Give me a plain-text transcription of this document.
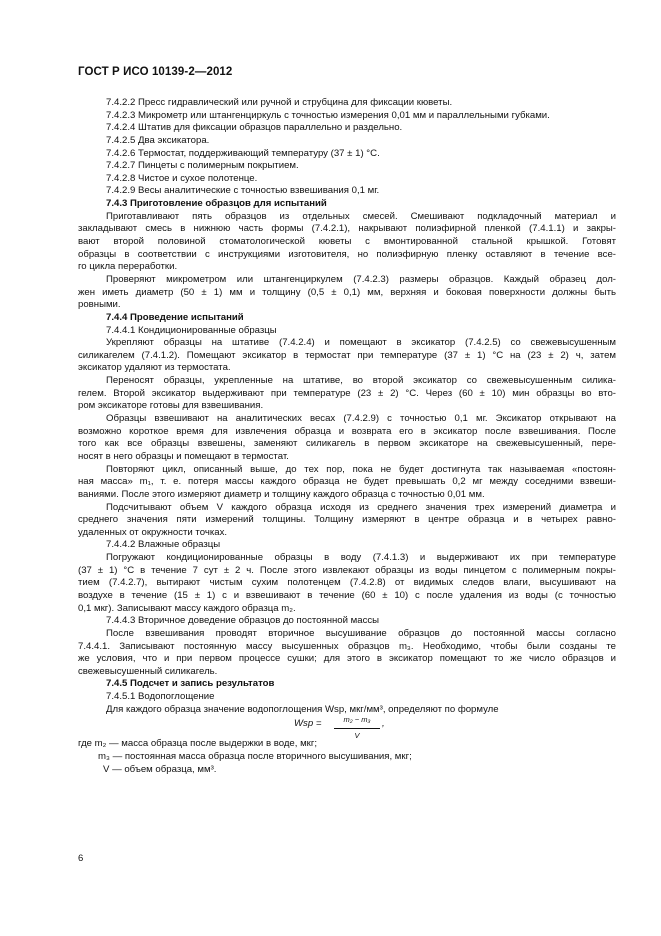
ГОСТ Р ИСО 10139-2—2012
7.4.2.2 Пресс гидравлический или ручной и струбцина для фиксации кюветы.
7.4.2.3 Микрометр или штангенциркуль с точностью измерения 0,01 мм и параллельными губками.
7.4.2.4 Штатив для фиксации образцов параллельно и раздельно.
7.4.2.5 Два эксикатора.
7.4.2.6 Термостат, поддерживающий температуру (37 ± 1) °С.
7.4.2.7 Пинцеты с полимерным покрытием.
7.4.2.8 Чистое и сухое полотенце.
7.4.2.9 Весы аналитические с точностью взвешивания 0,1 мг.
7.4.3 Приготовление образцов для испытаний
Приготавливают пять образцов из отдельных смесей. Смешивают подкладочный материал и
закладывают смесь в нижнюю часть формы (7.4.2.1), накрывают полиэфирной пленкой (7.4.1.1) и закры-
вают второй половиной стоматологической кюветы с вмонтированной стальной крышкой. Готовят
образцы в соответствии с инструкциями изготовителя, но полиэфирную пленку оставляют в течение все-
го цикла переработки.
Проверяют микрометром или штангенциркулем (7.4.2.3) размеры образцов. Каждый образец дол-
жен иметь диаметр (50 ± 1) мм и толщину (0,5 ± 0,1) мм, верхняя и боковая поверхности должны быть
ровными.
7.4.4 Проведение испытаний
7.4.4.1 Кондиционированные образцы
Укрепляют образцы на штативе (7.4.2.4) и помещают в эксикатор (7.4.2.5) со свежевысушенным
силикагелем (7.4.1.2). Помещают эксикатор в термостат при температуре (37 ± 1) °С на (23 ± 2) ч, затем
эксикатор удаляют из термостата.
Переносят образцы, укрепленные на штативе, во второй эксикатор со свежевысушенным силика-
гелем. Второй эксикатор выдерживают при температуре (23 ± 2) °С. Через (60 ± 10) мин образцы во вто-
ром эксикаторе готовы для взвешивания.
Образцы взвешивают на аналитических весах (7.4.2.9) с точностью 0,1 мг. Эксикатор открывают на
возможно короткое время для извлечения образца и возврата его в эксикатор после взвешивания. После
того как все образцы взвешены, заменяют силикагель в первом эксикаторе на свежевысушенный, пере-
носят в него образцы и помещают в термостат.
Повторяют цикл, описанный выше, до тех пор, пока не будет достигнута так называемая «постоян-
ная масса» m₁, т. е. потеря массы каждого образца не будет превышать 0,2 мг между соседними взвеши-
ваниями. После этого измеряют диаметр и толщину каждого образца с точностью 0,01 мм.
Подсчитывают объем V каждого образца исходя из среднего значения трех измерений диаметра и
среднего значения пяти измерений толщины. Толщину измеряют в центре образца и в четырех равно-
удаленных от окружности точках.
7.4.4.2 Влажные образцы
Погружают кондиционированные образцы в воду (7.4.1.3) и выдерживают их при температуре
(37 ± 1) °С в течение 7 сут ± 2 ч. После этого извлекают образцы из воды пинцетом с полимерным покры-
тием (7.4.2.7), вытирают чистым сухим полотенцем (7.4.2.8) от видимых следов влаги, высушивают на
воздухе в течение (15 ± 1) с и взвешивают в течение (60 ± 10) с после удаления из воды (с точностью
0,1 мкг). Записывают массу каждого образца m₂.
7.4.4.3 Вторичное доведение образцов до постоянной массы
После взвешивания проводят вторичное высушивание образцов до постоянной массы согласно
7.4.4.1. Записывают постоянную массу высушенных образцов m₃. Необходимо, чтобы были созданы те
же условия, что и при первом процессе сушки; для этого в эксикатор помещают то же число образцов и
свежевысушенный силикагель.
7.4.5 Подсчет и запись результатов
7.4.5.1 Водопоглощение
Для каждого образца значение водопоглощения Wsp, мкг/мм³, определяют по формуле
Wsp = $\frac{\text{m₂ − m₃}}{V}$ ,
где m₂ — масса образца после выдержки в воде, мкг;
m₃ — постоянная масса образца после вторичного высушивания, мкг;
V — объем образца, мм³.
6
